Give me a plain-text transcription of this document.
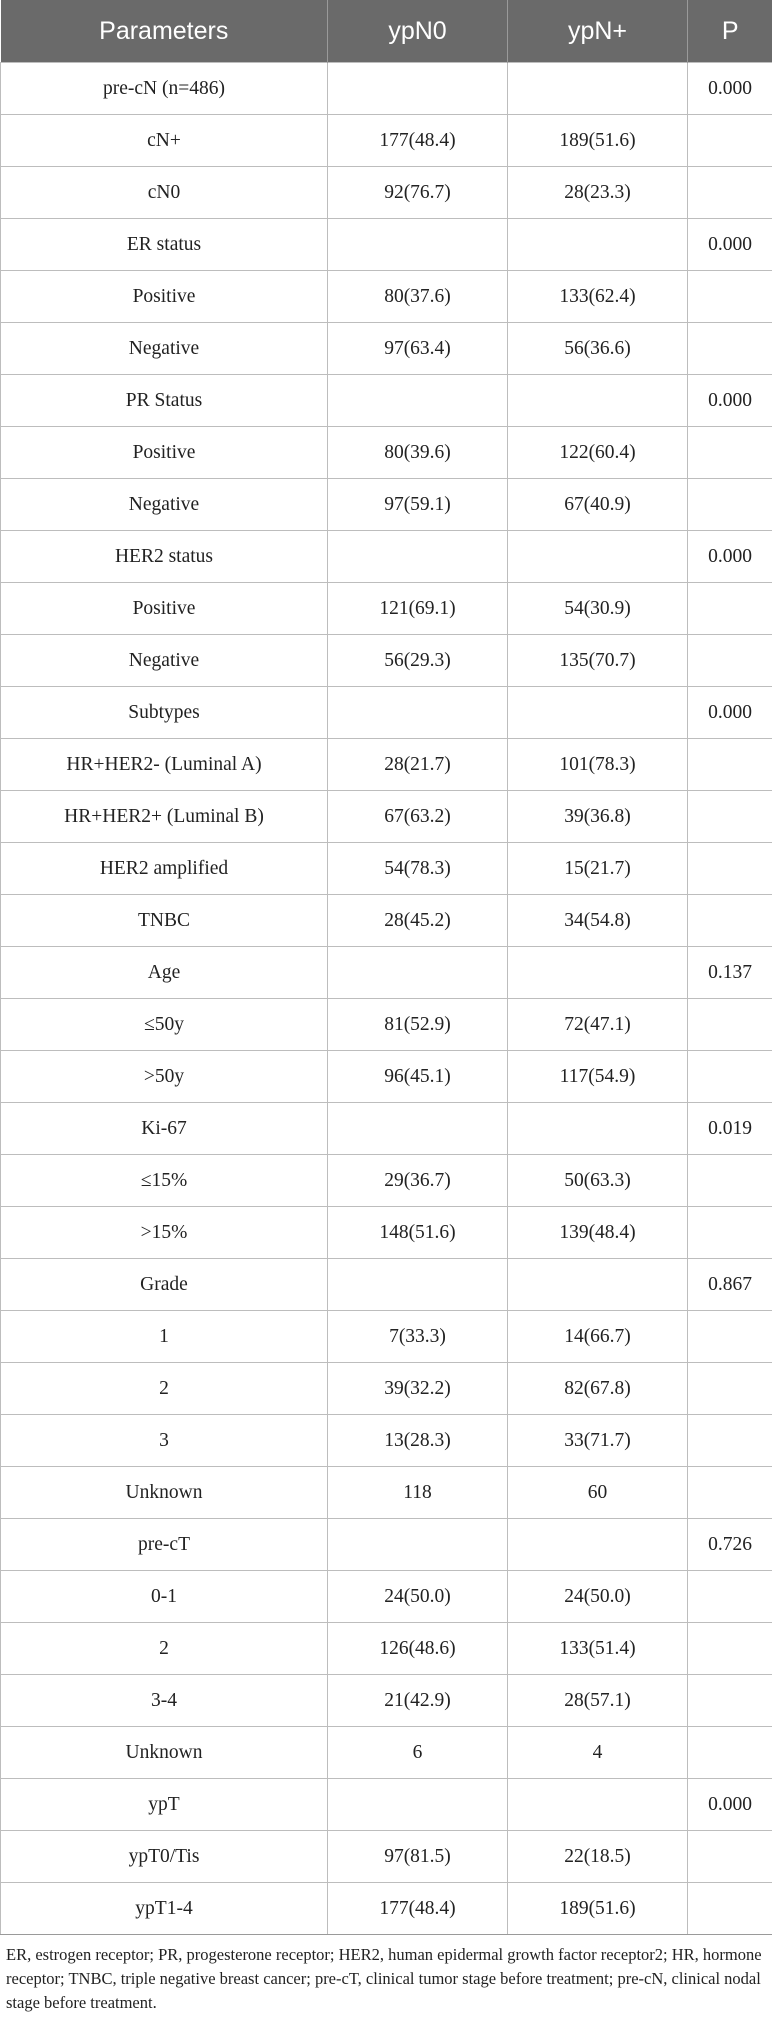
Parameters	ypN0	ypN+	P
pre-cN (n=486)			0.000
cN+	177(48.4)	189(51.6)	
cN0	92(76.7)	28(23.3)	
ER status			0.000
Positive	80(37.6)	133(62.4)	
Negative	97(63.4)	56(36.6)	
PR Status			0.000
Positive	80(39.6)	122(60.4)	
Negative	97(59.1)	67(40.9)	
HER2 status			0.000
Positive	121(69.1)	54(30.9)	
Negative	56(29.3)	135(70.7)	
Subtypes			0.000
HR+HER2- (Luminal A)	28(21.7)	101(78.3)	
HR+HER2+ (Luminal B)	67(63.2)	39(36.8)	
HER2 amplified	54(78.3)	15(21.7)	
TNBC	28(45.2)	34(54.8)	
Age			0.137
≤50y	81(52.9)	72(47.1)	
>50y	96(45.1)	117(54.9)	
Ki-67			0.019
≤15%	29(36.7)	50(63.3)	
>15%	148(51.6)	139(48.4)	
Grade			0.867
1	7(33.3)	14(66.7)	
2	39(32.2)	82(67.8)	
3	13(28.3)	33(71.7)	
Unknown	118	60	
pre-cT			0.726
0-1	24(50.0)	24(50.0)	
2	126(48.6)	133(51.4)	
3-4	21(42.9)	28(57.1)	
Unknown	6	4	
ypT			0.000
ypT0/Tis	97(81.5)	22(18.5)	
ypT1-4	177(48.4)	189(51.6)	
ER, estrogen receptor; PR, progesterone receptor; HER2, human epidermal growth factor receptor2; HR, hormone receptor; TNBC, triple negative breast cancer; pre-cT, clinical tumor stage before treatment; pre-cN, clinical nodal stage before treatment.
